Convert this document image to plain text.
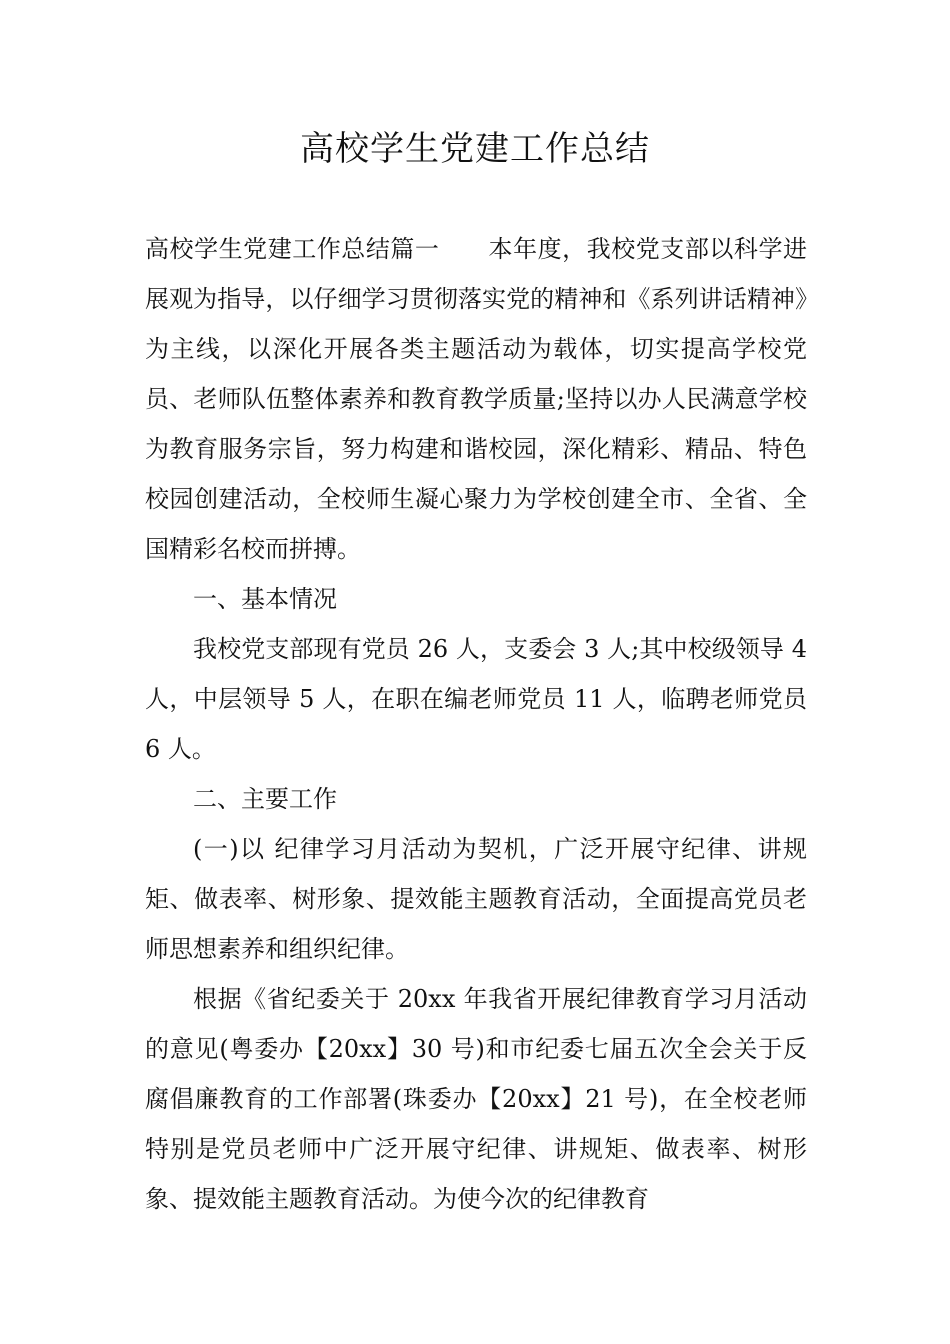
高校学生党建工作总结

高校学生党建工作总结篇一　　本年度，我校党支部以科学进展观为指导，以仔细学习贯彻落实党的精神和《系列讲话精神》为主线，以深化开展各类主题活动为载体，切实提高学校党员、老师队伍整体素养和教育教学质量;坚持以办人民满意学校 为教育服务宗旨，努力构建和谐校园，深化精彩、精品、特色校园创建活动，全校师生凝心聚力为学校创建全市、全省、全国精彩名校而拼搏。

一、基本情况

我校党支部现有党员 26 人，支委会 3 人;其中校级领导 4 人，中层领导 5 人，在职在编老师党员 11 人，临聘老师党员 6 人。

二、主要工作

(一)以 纪律学习月活动为契机，广泛开展守纪律、讲规矩、做表率、树形象、提效能主题教育活动，全面提高党员老师思想素养和组织纪律。

根据《省纪委关于 20xx 年我省开展纪律教育学习月活动的意见(粤委办【20xx】30 号)和市纪委七届五次全会关于反腐倡廉教育的工作部署(珠委办【20xx】21 号)，在全校老师特别是党员老师中广泛开展守纪律、讲规矩、做表率、树形象、提效能主题教育活动。为使今次的纪律教育
